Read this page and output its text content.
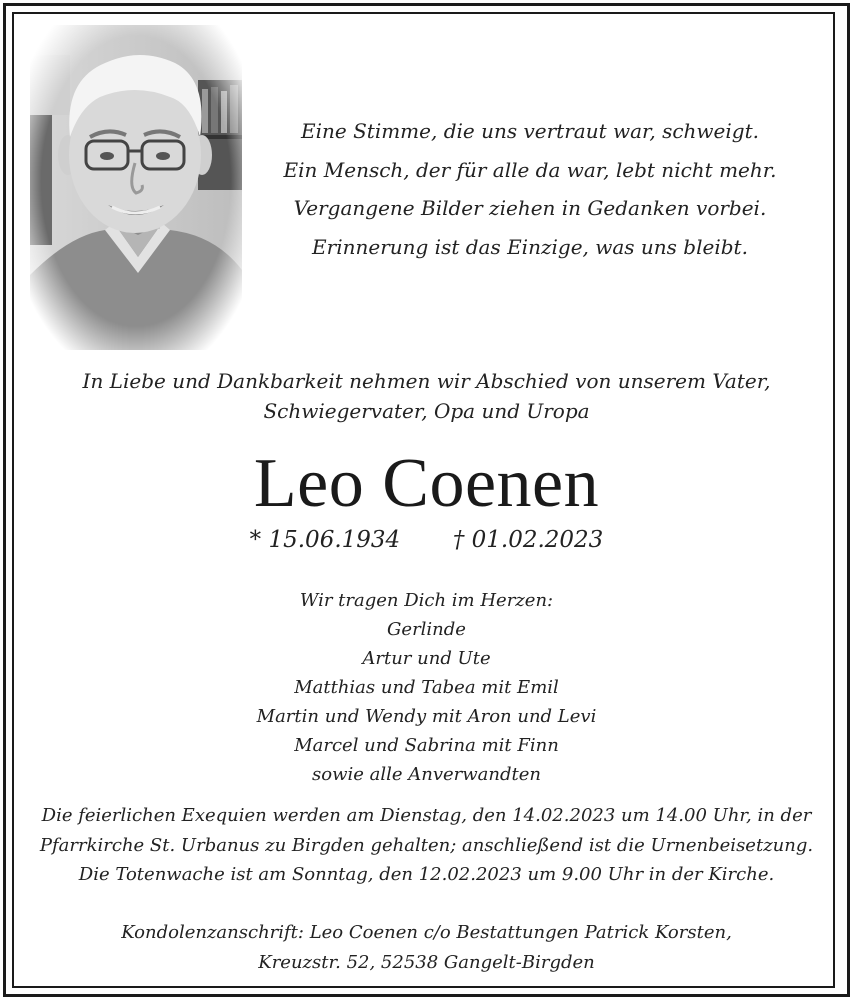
Eine Stimme, die uns vertraut war, schweigt.
Ein Mensch, der für alle da war, lebt nicht mehr.
Vergangene Bilder ziehen in Gedanken vorbei.
Erinnerung ist das Einzige, was uns bleibt.
In Liebe und Dankbarkeit nehmen wir Abschied von unserem Vater,
Schwiegervater, Opa und Uropa
Leo Coenen
* 15.06.1934 † 01.02.2023
Wir tragen Dich im Herzen:
Gerlinde
Artur und Ute
Matthias und Tabea mit Emil
Martin und Wendy mit Aron und Levi
Marcel und Sabrina mit Finn
sowie alle Anverwandten
Die feierlichen Exequien werden am Dienstag, den 14.02.2023 um 14.00 Uhr, in der
Pfarrkirche St. Urbanus zu Birgden gehalten; anschließend ist die Urnenbeisetzung.
Die Totenwache ist am Sonntag, den 12.02.2023 um 9.00 Uhr in der Kirche.
Kondolenzanschrift: Leo Coenen c/o Bestattungen Patrick Korsten,
Kreuzstr. 52, 52538 Gangelt-Birgden
